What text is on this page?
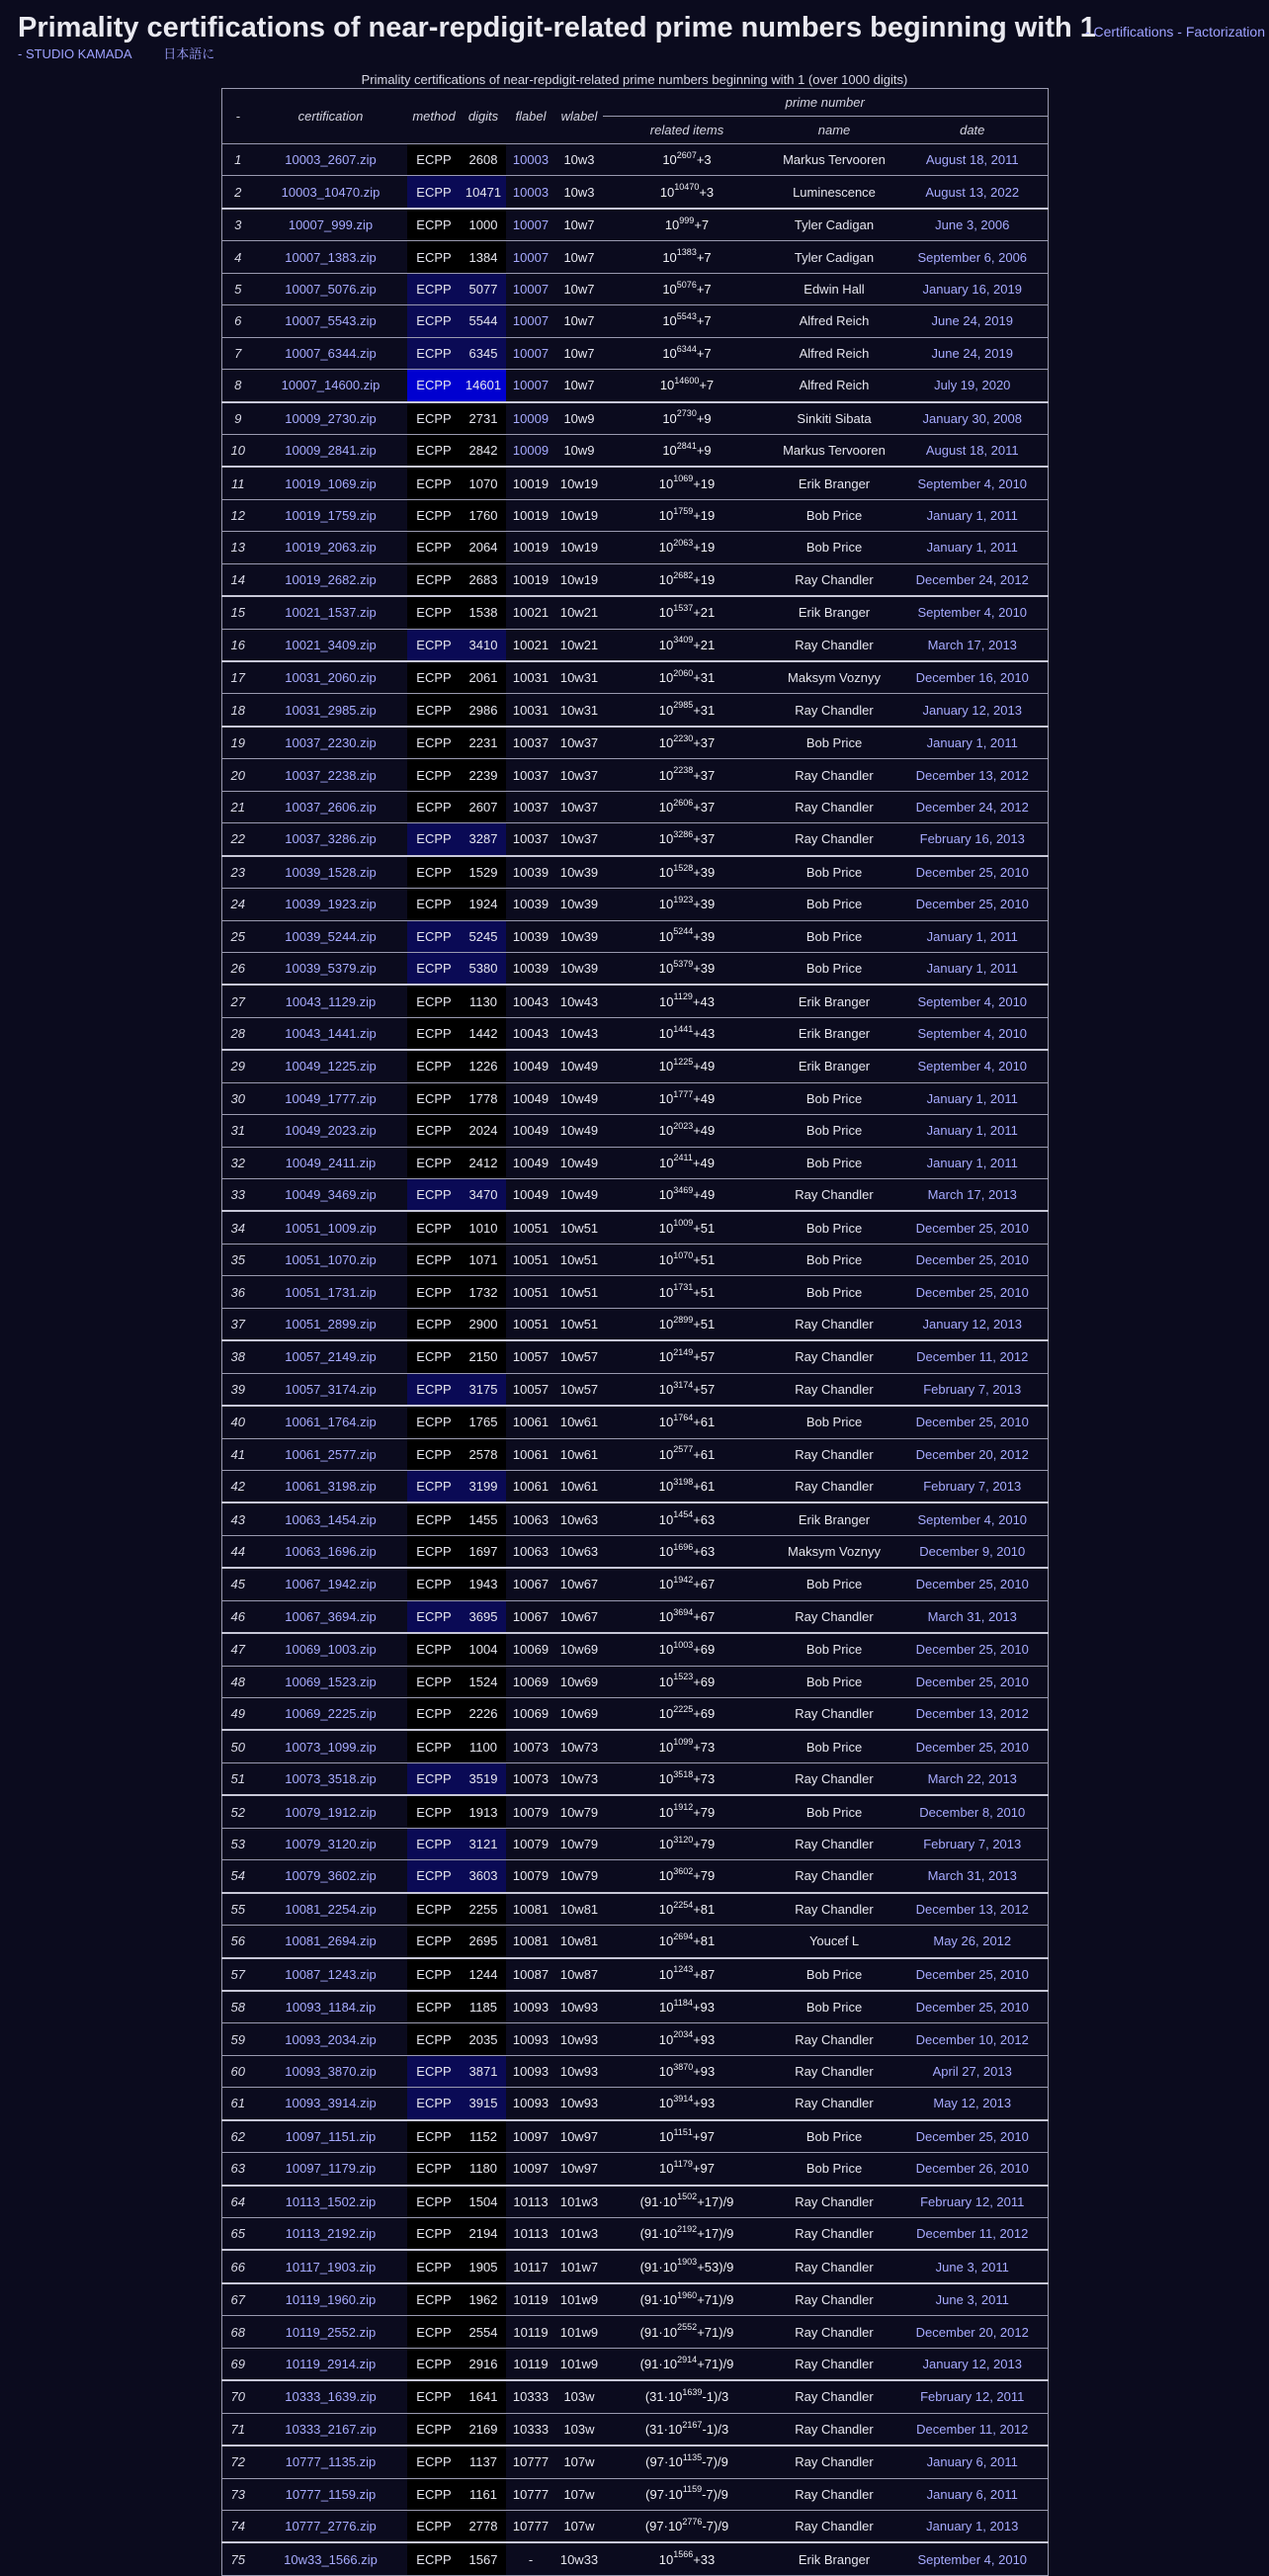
Primality certifications of near-repdigit-related prime numbers beginning with 1
- Certifications - Factorization
- STUDIO KAMADA 日本語に
Primality certifications of near-repdigit-related prime numbers beginning with 1 (over 1000 digits)
-	certification	method	digits	flabel	wlabel	prime number		
						related items	name	date
1	10003_2607.zip	ECPP	2608	10003	10w3	$10^{2607}+3$	Markus Tervooren	August 18, 2011
2	10003_10470.zip	ECPP	10471	10003	10w3	$10^{10470}+3$	Luminescence	August 13, 2022
3	10007_999.zip	ECPP	1000	10007	10w7	$10^{999}+7$	Tyler Cadigan	June 3, 2006
4	10007_1383.zip	ECPP	1384	10007	10w7	$10^{1383}+7$	Tyler Cadigan	September 6, 2006
5	10007_5076.zip	ECPP	5077	10007	10w7	$10^{5076}+7$	Edwin Hall	January 16, 2019
6	10007_5543.zip	ECPP	5544	10007	10w7	$10^{5543}+7$	Alfred Reich	June 24, 2019
7	10007_6344.zip	ECPP	6345	10007	10w7	$10^{6344}+7$	Alfred Reich	June 24, 2019
8	10007_14600.zip	ECPP	14601	10007	10w7	$10^{14600}+7$	Alfred Reich	July 19, 2020
9	10009_2730.zip	ECPP	2731	10009	10w9	$10^{2730}+9$	Sinkiti Sibata	January 30, 2008
10	10009_2841.zip	ECPP	2842	10009	10w9	$10^{2841}+9$	Markus Tervooren	August 18, 2011
11	10019_1069.zip	ECPP	1070	10019	10w19	$10^{1069}+19$	Erik Branger	September 4, 2010
12	10019_1759.zip	ECPP	1760	10019	10w19	$10^{1759}+19$	Bob Price	January 1, 2011
13	10019_2063.zip	ECPP	2064	10019	10w19	$10^{2063}+19$	Bob Price	January 1, 2011
14	10019_2682.zip	ECPP	2683	10019	10w19	$10^{2682}+19$	Ray Chandler	December 24, 2012
15	10021_1537.zip	ECPP	1538	10021	10w21	$10^{1537}+21$	Erik Branger	September 4, 2010
16	10021_3409.zip	ECPP	3410	10021	10w21	$10^{3409}+21$	Ray Chandler	March 17, 2013
17	10031_2060.zip	ECPP	2061	10031	10w31	$10^{2060}+31$	Maksym Voznyy	December 16, 2010
18	10031_2985.zip	ECPP	2986	10031	10w31	$10^{2985}+31$	Ray Chandler	January 12, 2013
19	10037_2230.zip	ECPP	2231	10037	10w37	$10^{2230}+37$	Bob Price	January 1, 2011
20	10037_2238.zip	ECPP	2239	10037	10w37	$10^{2238}+37$	Ray Chandler	December 13, 2012
21	10037_2606.zip	ECPP	2607	10037	10w37	$10^{2606}+37$	Ray Chandler	December 24, 2012
22	10037_3286.zip	ECPP	3287	10037	10w37	$10^{3286}+37$	Ray Chandler	February 16, 2013
23	10039_1528.zip	ECPP	1529	10039	10w39	$10^{1528}+39$	Bob Price	December 25, 2010
24	10039_1923.zip	ECPP	1924	10039	10w39	$10^{1923}+39$	Bob Price	December 25, 2010
25	10039_5244.zip	ECPP	5245	10039	10w39	$10^{5244}+39$	Bob Price	January 1, 2011
26	10039_5379.zip	ECPP	5380	10039	10w39	$10^{5379}+39$	Bob Price	January 1, 2011
27	10043_1129.zip	ECPP	1130	10043	10w43	$10^{1129}+43$	Erik Branger	September 4, 2010
28	10043_1441.zip	ECPP	1442	10043	10w43	$10^{1441}+43$	Erik Branger	September 4, 2010
29	10049_1225.zip	ECPP	1226	10049	10w49	$10^{1225}+49$	Erik Branger	September 4, 2010
30	10049_1777.zip	ECPP	1778	10049	10w49	$10^{1777}+49$	Bob Price	January 1, 2011
31	10049_2023.zip	ECPP	2024	10049	10w49	$10^{2023}+49$	Bob Price	January 1, 2011
32	10049_2411.zip	ECPP	2412	10049	10w49	$10^{2411}+49$	Bob Price	January 1, 2011
33	10049_3469.zip	ECPP	3470	10049	10w49	$10^{3469}+49$	Ray Chandler	March 17, 2013
34	10051_1009.zip	ECPP	1010	10051	10w51	$10^{1009}+51$	Bob Price	December 25, 2010
35	10051_1070.zip	ECPP	1071	10051	10w51	$10^{1070}+51$	Bob Price	December 25, 2010
36	10051_1731.zip	ECPP	1732	10051	10w51	$10^{1731}+51$	Bob Price	December 25, 2010
37	10051_2899.zip	ECPP	2900	10051	10w51	$10^{2899}+51$	Ray Chandler	January 12, 2013
38	10057_2149.zip	ECPP	2150	10057	10w57	$10^{2149}+57$	Ray Chandler	December 11, 2012
39	10057_3174.zip	ECPP	3175	10057	10w57	$10^{3174}+57$	Ray Chandler	February 7, 2013
40	10061_1764.zip	ECPP	1765	10061	10w61	$10^{1764}+61$	Bob Price	December 25, 2010
41	10061_2577.zip	ECPP	2578	10061	10w61	$10^{2577}+61$	Ray Chandler	December 20, 2012
42	10061_3198.zip	ECPP	3199	10061	10w61	$10^{3198}+61$	Ray Chandler	February 7, 2013
43	10063_1454.zip	ECPP	1455	10063	10w63	$10^{1454}+63$	Erik Branger	September 4, 2010
44	10063_1696.zip	ECPP	1697	10063	10w63	$10^{1696}+63$	Maksym Voznyy	December 9, 2010
45	10067_1942.zip	ECPP	1943	10067	10w67	$10^{1942}+67$	Bob Price	December 25, 2010
46	10067_3694.zip	ECPP	3695	10067	10w67	$10^{3694}+67$	Ray Chandler	March 31, 2013
47	10069_1003.zip	ECPP	1004	10069	10w69	$10^{1003}+69$	Bob Price	December 25, 2010
48	10069_1523.zip	ECPP	1524	10069	10w69	$10^{1523}+69$	Bob Price	December 25, 2010
49	10069_2225.zip	ECPP	2226	10069	10w69	$10^{2225}+69$	Ray Chandler	December 13, 2012
50	10073_1099.zip	ECPP	1100	10073	10w73	$10^{1099}+73$	Bob Price	December 25, 2010
51	10073_3518.zip	ECPP	3519	10073	10w73	$10^{3518}+73$	Ray Chandler	March 22, 2013
52	10079_1912.zip	ECPP	1913	10079	10w79	$10^{1912}+79$	Bob Price	December 8, 2010
53	10079_3120.zip	ECPP	3121	10079	10w79	$10^{3120}+79$	Ray Chandler	February 7, 2013
54	10079_3602.zip	ECPP	3603	10079	10w79	$10^{3602}+79$	Ray Chandler	March 31, 2013
55	10081_2254.zip	ECPP	2255	10081	10w81	$10^{2254}+81$	Ray Chandler	December 13, 2012
56	10081_2694.zip	ECPP	2695	10081	10w81	$10^{2694}+81$	Youcef L	May 26, 2012
57	10087_1243.zip	ECPP	1244	10087	10w87	$10^{1243}+87$	Bob Price	December 25, 2010
58	10093_1184.zip	ECPP	1185	10093	10w93	$10^{1184}+93$	Bob Price	December 25, 2010
59	10093_2034.zip	ECPP	2035	10093	10w93	$10^{2034}+93$	Ray Chandler	December 10, 2012
60	10093_3870.zip	ECPP	3871	10093	10w93	$10^{3870}+93$	Ray Chandler	April 27, 2013
61	10093_3914.zip	ECPP	3915	10093	10w93	$10^{3914}+93$	Ray Chandler	May 12, 2013
62	10097_1151.zip	ECPP	1152	10097	10w97	$10^{1151}+97$	Bob Price	December 25, 2010
63	10097_1179.zip	ECPP	1180	10097	10w97	$10^{1179}+97$	Bob Price	December 26, 2010
64	10113_1502.zip	ECPP	1504	10113	101w3	$(91\cdot 10^{1502}+17)/9$	Ray Chandler	February 12, 2011
65	10113_2192.zip	ECPP	2194	10113	101w3	$(91\cdot 10^{2192}+17)/9$	Ray Chandler	December 11, 2012
66	10117_1903.zip	ECPP	1905	10117	101w7	$(91\cdot 10^{1903}+53)/9$	Ray Chandler	June 3, 2011
67	10119_1960.zip	ECPP	1962	10119	101w9	$(91\cdot 10^{1960}+71)/9$	Ray Chandler	June 3, 2011
68	10119_2552.zip	ECPP	2554	10119	101w9	$(91\cdot 10^{2552}+71)/9$	Ray Chandler	December 20, 2012
69	10119_2914.zip	ECPP	2916	10119	101w9	$(91\cdot 10^{2914}+71)/9$	Ray Chandler	January 12, 2013
70	10333_1639.zip	ECPP	1641	10333	103w	$(31\cdot 10^{1639}-1)/3$	Ray Chandler	February 12, 2011
71	10333_2167.zip	ECPP	2169	10333	103w	$(31\cdot 10^{2167}-1)/3$	Ray Chandler	December 11, 2012
72	10777_1135.zip	ECPP	1137	10777	107w	$(97\cdot 10^{1135}-7)/9$	Ray Chandler	January 6, 2011
73	10777_1159.zip	ECPP	1161	10777	107w	$(97\cdot 10^{1159}-7)/9$	Ray Chandler	January 6, 2011
74	10777_2776.zip	ECPP	2778	10777	107w	$(97\cdot 10^{2776}-7)/9$	Ray Chandler	January 1, 2013
75	10w33_1566.zip	ECPP	1567	-	10w33	$10^{1566}+33$	Erik Branger	September 4, 2010
